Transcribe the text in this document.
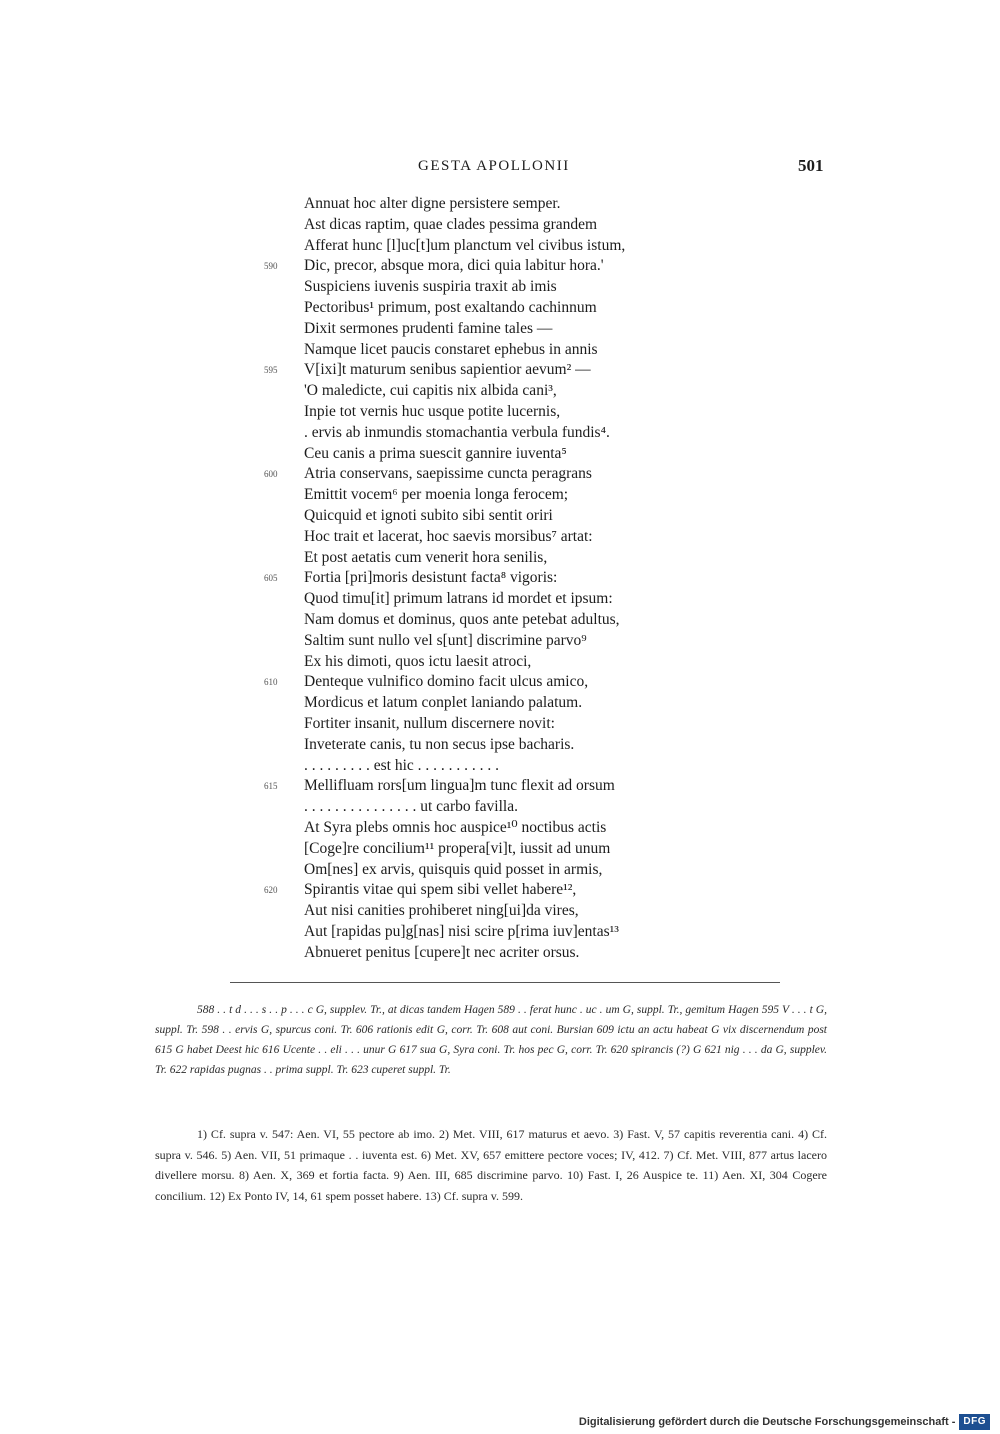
GESTA APOLLONII	501
Annuat hoc alter digne persistere semper.
Ast dicas raptim, quae clades pessima grandem
Afferat hunc [l]uc[t]um planctum vel civibus istum,
Dic, precor, absque mora, dici quia labitur hora.'
590
Suspiciens iuvenis suspiria traxit ab imis
Pectoribus¹ primum, post exaltando cachinnum
Dixit sermones prudenti famine tales —
Namque licet paucis constaret ephebus in annis
V[ixi]t maturum senibus sapientior aevum² —
595
'O maledicte, cui capitis nix albida cani³,
Inpie tot vernis huc usque potite lucernis,
. ervis ab inmundis stomachantia verbula fundis⁴.
Ceu canis a prima suescit gannire iuventa⁵
Atria conservans, saepissime cuncta peragrans
600
Emittit vocem⁶ per moenia longa ferocem;
Quicquid et ignoti subito sibi sentit oriri
Hoc trait et lacerat, hoc saevis morsibus⁷ artat:
Et post aetatis cum venerit hora senilis,
Fortia [pri]moris desistunt facta⁸ vigoris:
605
Quod timu[it] primum latrans id mordet et ipsum:
Nam domus et dominus, quos ante petebat adultus,
Saltim sunt nullo vel s[unt] discrimine parvo⁹
Ex his dimoti, quos ictu laesit atroci,
Denteque vulnifico domino facit ulcus amico,
610
Mordicus et latum conplet laniando palatum.
Fortiter insanit, nullum discernere novit:
Inveterate canis, tu non secus ipse bacharis.
. . . . . . . . . est hic . . . . . . . . . . .
Mellifluam rors[um lingua]m tunc flexit ad orsum
615
. . . . . . . . . . . . . . . ut carbo favilla.
At Syra plebs omnis hoc auspice¹⁰ noctibus actis
[Coge]re concilium¹¹ propera[vi]t, iussit ad unum
Om[nes] ex arvis, quisquis quid posset in armis,
Spirantis vitae qui spem sibi vellet habere¹²,
620
Aut nisi canities prohiberet ning[ui]da vires,
Aut [rapidas pu]g[nas] nisi scire p[rima iuv]entas¹³
Abnueret penitus [cupere]t nec acriter orsus.

588 . . t d . . . s . . p . . . c G, supplev. Tr., at dicas tandem Hagen 589 . . ferat hunc . uc . um G, suppl. Tr., gemitum Hagen 595 V . . . t G, suppl. Tr. 598 . . ervis G, spurcus coni. Tr. 606 rationis edit G, corr. Tr. 608 aut coni. Bursian 609 ictu an actu habeat G vix discernendum post 615 G habet Deest hic 616 Ucente . . eli . . . unur G 617 sua G, Syra coni. Tr. hos pec G, corr. Tr. 620 spirancis (?) G 621 nig . . . da G, supplev. Tr. 622 rapidas pugnas . . prima suppl. Tr. 623 cuperet suppl. Tr.

1) Cf. supra v. 547: Aen. VI, 55 pectore ab imo. 2) Met. VIII, 617 maturus et aevo. 3) Fast. V, 57 capitis reverentia cani. 4) Cf. supra v. 546. 5) Aen. VII, 51 primaque . . iuventa est. 6) Met. XV, 657 emittere pectore voces; IV, 412. 7) Cf. Met. VIII, 877 artus lacero divellere morsu. 8) Aen. X, 369 et fortia facta. 9) Aen. III, 685 discrimine parvo. 10) Fast. I, 26 Auspice te. 11) Aen. XI, 304 Cogere concilium. 12) Ex Ponto IV, 14, 61 spem posset habere. 13) Cf. supra v. 599.

Digitalisierung gefördert durch die Deutsche Forschungsgemeinschaft - DFG
